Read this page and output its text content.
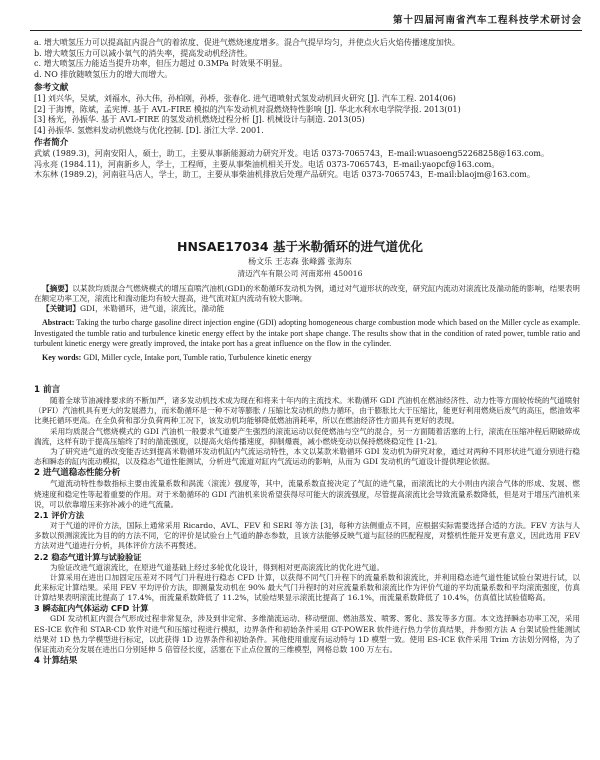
第十四届河南省汽车工程科技学术研讨会
a. 增大喷氢压力可以提高缸内混合气的着浓度、促进气燃烧速度增多。混合气提早均匀，并使点火后火焰传播速度加快。
b. 增大喷氢压力可以减小氧气的消失率，提高发动机经济性。
c. 增大喷氢压力能适当提升功率，但压力超过 0.3MPa 时效果不明显。
d. NO 排放随喷氢压力的增大而增大。
参考文献
[1] 刘兴华，吴斌，刘福水，孙大伟，孙柏刚，孙桥，张春化. 进气道喷射式氢发动机回火研究 [J]. 汽车工程. 2014(06)
[2] 于海博，陈斌，孟宪博. 基于 AVL-FIRE 模拟的汽车发动机对混燃烧特性影响 [J]. 华北水利水电学院学报. 2013(01)
[3] 杨光，孙振华. 基于 AVL-FIRE 的氢发动机燃烧过程分析 [J]. 机械设计与制造. 2013(05)
[4] 孙振华. 氢燃料发动机燃烧与优化控制. [D]. 浙江大学. 2001.
作者简介
武斌 (1989.3)，河南安阳人，硕士，助工，主要从事新能源动力研究开发。电话 0373-7065743，E-mail:wuasoeng52268258@163.com。
冯永亮 (1984.11)，河南新乡人，学士，工程师，主要从事柴油机相关开发。电话 0373-7065743，E-mail:yaopcf@163.com。
木东林 (1989.2)，河南驻马店人，学士，助工，主要从事柴油机排放后处理产品研究。电话 0373-7065743，E-mail:blaojm@163.com。
HNSAE17034 基于米勒循环的进气道优化
杨文乐 王志森 张峰露 张海东
清迈汽车有限公司 河南郑州 450016

【摘要】以某款均质混合气燃烧模式的增压直喷汽油机(GDI)的米勒循环发动机为例，通过对气道形状的改变，研究缸内流动对滚流比及湍动能的影响，结果表明在额定功率工况，滚流比和湍动能均有较大提高，进气流对缸内流动有较大影响。

【关键词】GDI，米勒循环，进气道，滚流比，湍动能

Abstract: Taking the turbo charge gasoline direct injection engine (GDI) adopting homogeneous charge combustion mode which based on the Miller cycle as example. Investigated the tumble ratio and turbulence kinetic energy effect by the intake port shape change. The results show that in the condition of rated power, tumble ratio and turbulent kinetic energy were greatly improved, the intake port has a great influence on the flow in the cylinder.

Key words: GDI, Miller cycle, Intake port, Tumble ratio, Turbulence kinetic energy

1 前言

随着全球节油减排要求的不断加严，诸多发动机技术成为现在和将来十年内的主流技术。米勒循环 GDI 汽油机在燃油经济性、动力性等方面较传统的气道喷射（PFI）汽油机具有更大的发展潜力，而米勒循环是一种不对等膨胀 / 压缩比发动机的热力循环，由于膨胀比大于压缩比，能更好利用燃烧后废气的高压，燃油效率比奥托循环更高。在全负荷和部分负荷两种工况下，该发动机均能够降低燃油消耗率，所以在燃油经济性方面具有更好的表现。

采用均质混合气燃烧模式的 GDI 汽油机一般要求气道要产生强烈的滚流运动以促使燃油与空气的混合，另一方面随着活塞的上行，滚流在压缩冲程后期破碎成湍流，这样有助于提高压缩终了时的湍流强度，以提高火焰传播速度，抑制爆震，减小燃烧变动以保持燃烧稳定性 [1-2]。

为了研究进气道的改变能否达到提高米勒循环发动机缸内气流运动特性，本文以某款米勒循环 GDI 发动机为研究对象，通过对两种不同形状进气道分别进行稳态和瞬态的缸内流动模拟，以及稳态气道性能测试，分析进气流道对缸内气流运动的影响，从而为 GDI 发动机的气道设计提供理论依据。

2 进气道稳态性能分析

气道流动特性参数指标主要由流量系数和涡流（滚流）强度等，其中，流量系数直接决定了气缸的进气量，而滚流比的大小则由内滚合气体的形成、发展、燃烧速度和稳定性等起着重要的作用。对于米勒循环的 GDI 汽油机来说希望获得尽可能大的滚流强度，尽管提高滚流比会导致流量系数降低，但是对于增压汽油机来说，可以依靠增压来弥补减小的进气流量。

2.1 评价方法

对于气道的评价方法，国际上通常采用 Ricardo、AVL、FEV 和 SERI 等方法 [3]，每种方法侧重点不同，应根据实际需要选择合适的方法。FEV 方法与人多数以预测滚流比为目的的方法不同，它的评价是试验台上气道的静态参数，且该方法能够反映气道与缸径的匹配程度，对整机性能开发更有意义，因此选用 FEV 方法对进气道进行分析，具体评价方法不再赘述。

2.2 稳态气道计算与试验验证

为验证改进气道滚流比，在原进气道基础上经过多轮优化设计，得到相对更高滚流比的优化进气道。

计算采用在进出口加固定压差对不同气门升程进行稳态 CFD 计算，以获得不同气门升程下的流量系数和滚流比，并利用稳态进气道性能试验台架进行试，以此来标定计算结果。采用 FEV 平均评价方法，即测量发动机在 90% 最大气门升程时的对应流量系数和滚流比作为评价气道的平均流量系数和平均滚流强度，仿真计算结果表明滚流比提高了 17.4%，而流量系数降低了 11.2%，试验结果显示滚流比提高了 16.1%，而流量系数降低了 10.4%，仿真值比试验值略高。

3 瞬态缸内气体运动 CFD 计算

GDI 发动机缸内混合气形成过程非常复杂，涉及到非定常、多维湍流运动、移动壁面、燃油蒸发、喷雾、雾化、蒸发等多方面。本文选择瞬态功率工况，采用 ES-ICE 软件和 STAR-CD 软件对进气和压缩过程进行模拟，边界条件和初始条件采用 GT-POWER 软件进行热力学仿真结果，并参照方法 A 台架试验性能测试结果对 1D 热力学模型进行标定，以此获得 1D 边界条件和初始条件。其他使用重度有运动特与 1D 模型一致。使用 ES-ICE 软件采用 Trim 方法划分网格，为了保证流动充分发展在进出口分别延伸 5 倍管径长度，活塞在下止点位置的三维模型，网格总数 100 万左右。

4 计算结果
